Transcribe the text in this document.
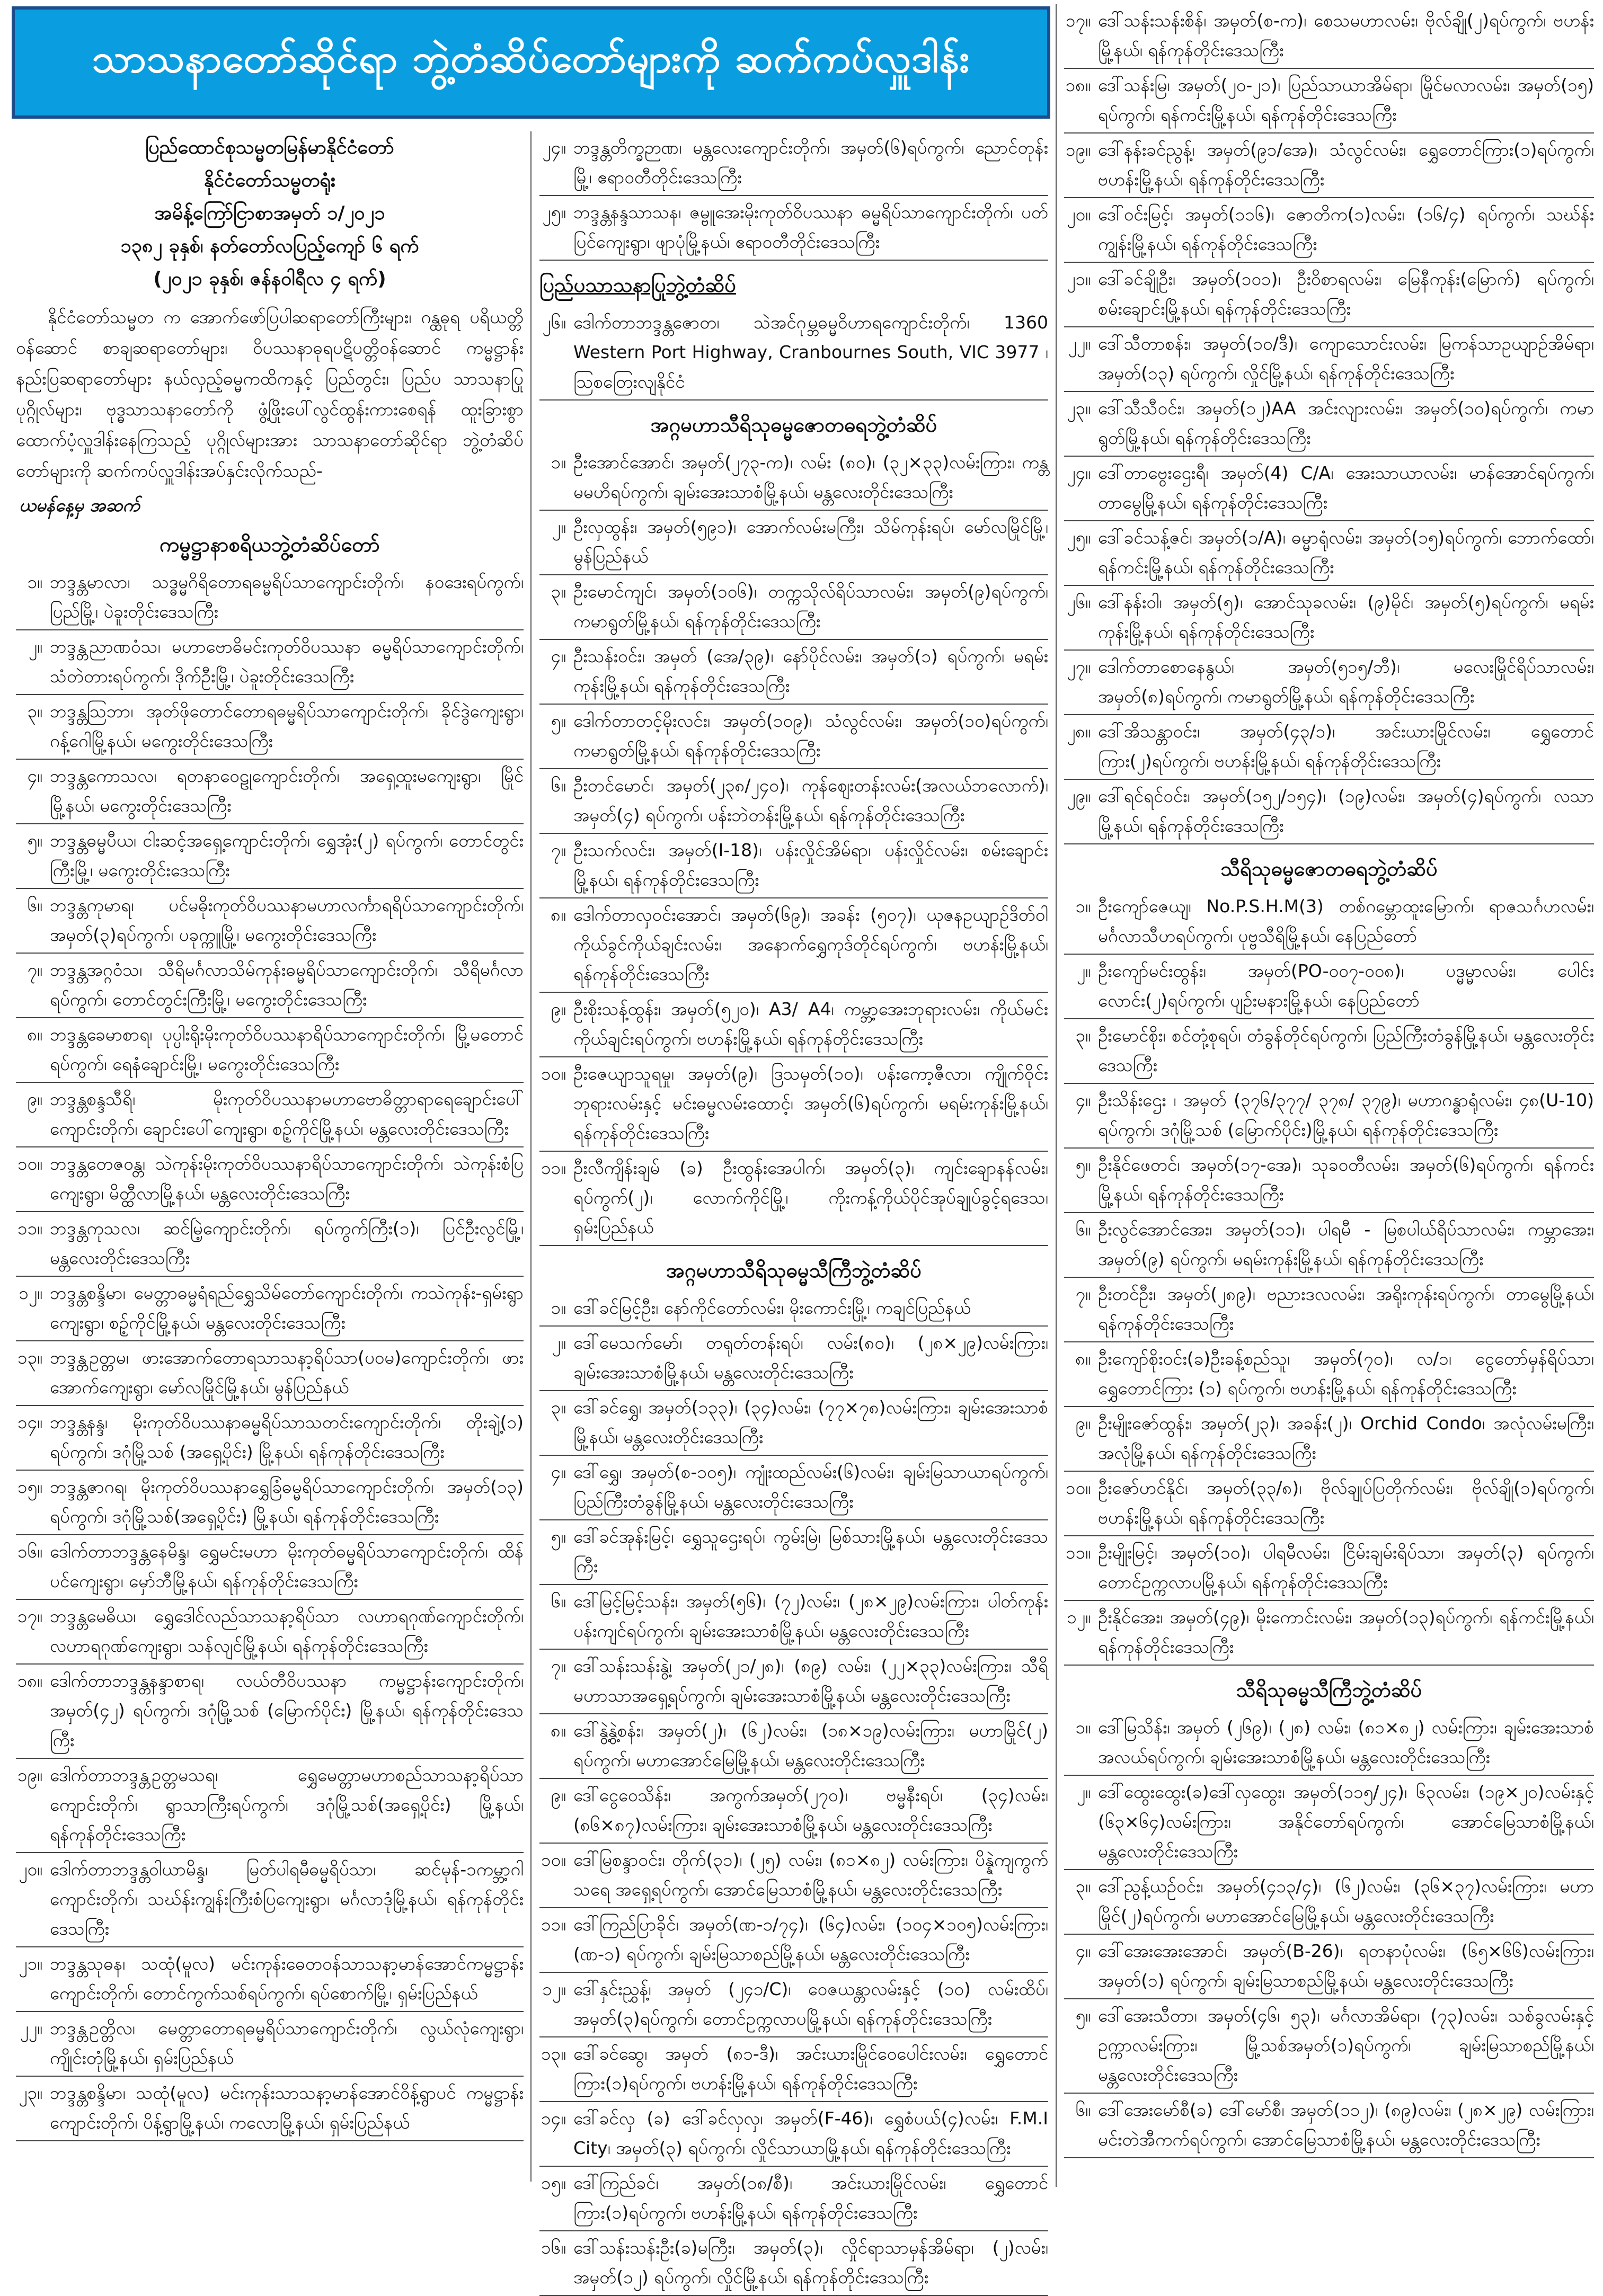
သာသနာတော်ဆိုင်ရာ ဘွဲ့တံဆိပ်တော်များကို ဆက်ကပ်လှူဒါန်း
ပြည်ထောင်စုသမ္မတမြန်မာနိုင်ငံတော်
နိုင်ငံတော်သမ္မတရုံး
အမိန့်ကြော်ငြာစာအမှတ် ၁/၂၀၂၁
၁၃၈၂ ခုနှစ်၊ နတ်တော်လပြည့်ကျော် ၆ ရက်
(၂၀၂၁ ခုနှစ်၊ ဇန်နဝါရီလ ၄ ရက်)

နိုင်ငံတော်သမ္မတ က အောက်ဖော်ပြပါဆရာတော်ကြီးများ၊ ဂန္ထဓုရ ပရိယတ္တိဝန်ဆောင် စာချဆရာတော်များ၊ ဝိပဿနာဓုရပဋိပတ္တိဝန်ဆောင် ကမ္မဋ္ဌာန်းနည်းပြဆရာတော်များ နယ်လှည့်ဓမ္မကထိကနှင့် ပြည်တွင်း၊ ပြည်ပ သာသနာပြုပုဂ္ဂိုလ်များ၊ ဗုဒ္ဓသာသနာတော်ကို ဖွံ့ဖြိုးပေါ်လွင်ထွန်းကားစေရန် ထူးခြားစွာ ထောက်ပံ့လှူဒါန်းနေကြသည့် ပုဂ္ဂိုလ်များအား သာသနာတော်ဆိုင်ရာ ဘွဲ့တံဆိပ်တော်များကို ဆက်ကပ်လှူဒါန်းအပ်နှင်းလိုက်သည်-

ယမန်နေ့မှ အဆက်
ကမ္မဋ္ဌာနာစရိယဘွဲ့တံဆိပ်တော်
၁။ ဘဒ္ဒန္တမာလာ၊ သဒ္ဓမ္မဂိရိတောရဓမ္မရိပ်သာကျောင်းတိုက်၊ နဝဒေးရပ်ကွက်၊ ပြည်မြို့၊ ပဲခူးတိုင်းဒေသကြီး
၂။ ဘဒ္ဒန္တညာဏဝံသ၊ မဟာဗောဓိမင်းကုတ်ဝိပဿနာ ဓမ္မရိပ်သာကျောင်းတိုက်၊ သံတဲတားရပ်ကွက်၊ ဒိုက်ဦးမြို့၊ ပဲခူးတိုင်းဒေသကြီး
၃။ ဘဒ္ဒန္တသြဘာ၊ အုတ်ဖိုတောင်တောရဓမ္မရိပ်သာကျောင်းတိုက်၊ ခိုင်ဒွဲကျေးရွာ၊ ဂန့်ဂေါမြို့နယ်၊ မကွေးတိုင်းဒေသကြီး
၄။ ဘဒ္ဒန္တကောသလ၊ ရတနာဝေဠုကျောင်းတိုက်၊ အရှေ့ထူးမကျေးရွာ၊ မြိုင်မြို့နယ်၊ မကွေးတိုင်းဒေသကြီး
၅။ ဘဒ္ဒန္တဓမ္မပီယ၊ ငါးဆင့်အရှေ့ကျောင်းတိုက်၊ ရွှေအုံး(၂) ရပ်ကွက်၊ တောင်တွင်းကြီးမြို့၊ မကွေးတိုင်းဒေသကြီး
၆။ ဘဒ္ဒန္တကုမာရ၊ ပင်မဓိုးကုတ်ဝိပဿနာမဟာလင်္ကာရရိပ်သာကျောင်းတိုက်၊ အမှတ်(၃)ရပ်ကွက်၊ ပခုက္ကူမြို့၊ မကွေးတိုင်းဒေသကြီး
၇။ ဘဒ္ဒန္တအဂ္ဂဝံသ၊ သီရိမင်္ဂလာသိမ်ကုန်းဓမ္မရိပ်သာကျောင်းတိုက်၊ သီရိမင်္ဂလာရပ်ကွက်၊ တောင်တွင်းကြီးမြို့၊ မကွေးတိုင်းဒေသကြီး
၈။ ဘဒ္ဒန္တခေမာစာရ၊ ပုပ္ပါးရိုးမိုးကုတ်ဝိပဿနာရိပ်သာကျောင်းတိုက်၊ မြို့မတောင်ရပ်ကွက်၊ ရေနံချောင်းမြို့၊ မကွေးတိုင်းဒေသကြီး
၉။ ဘဒ္ဒန္တစန္ဒသီရိ၊ မိုးကုတ်ဝိပဿနာမဟာဗောဓိတ္တာရာရေချောင်းပေါ်ကျောင်းတိုက်၊ ချောင်းပေါ်ကျေးရွာ၊ စဉ့်ကိုင်မြို့နယ်၊ မန္တလေးတိုင်းဒေသကြီး
၁၀။ ဘဒ္ဒန္တတေဇဝန္တ၊ သဲကုန်းမိုးကုတ်ဝိပဿနာရိပ်သာကျောင်းတိုက်၊ သဲကုန်းစံပြကျေးရွာ၊ မိတ္ထီလာမြို့နယ်၊ မန္တလေးတိုင်းဒေသကြီး
၁၁။ ဘဒ္ဒန္တကုသလ၊ ဆင်မြဲ့ကျောင်းတိုက်၊ ရပ်ကွက်ကြီး(၁)၊ ပြင်ဦးလွင်မြို့၊ မန္တလေးတိုင်းဒေသကြီး
၁၂။ ဘဒ္ဒန္တစန္ဒိမာ၊ မေတ္တာဓမ္မရံရည်ရွှေသိမ်တော်ကျောင်းတိုက်၊ ကသဲကုန်း-ရှမ်းရွာကျေးရွာ၊ စဉ့်ကိုင်မြို့နယ်၊ မန္တလေးတိုင်းဒေသကြီး
၁၃။ ဘဒ္ဒန္တဥတ္တမ၊ ဖားအောက်တောရသာသနာ့ရိပ်သာ(ပဝမ)ကျောင်းတိုက်၊ ဖားအောက်ကျေးရွာ၊ မော်လမြိုင်မြို့နယ်၊ မွန်ပြည်နယ်
၁၄။ ဘဒ္ဒန္တနန္ဒ၊ မိုးကုတ်ဝိပဿနာဓမ္မရိပ်သာသတင်းကျောင်းတိုက်၊ တိုးချဲ့(၁) ရပ်ကွက်၊ ဒဂုံမြို့သစ် (အရှေ့ပိုင်း) မြို့နယ်၊ ရန်ကုန်တိုင်းဒေသကြီး
၁၅။ ဘဒ္ဒန္တဇာဂရ၊ မိုးကုတ်ဝိပဿနာရွှေခြံဓမ္မရိပ်သာကျောင်းတိုက်၊ အမှတ်(၁၃) ရပ်ကွက်၊ ဒဂုံမြို့သစ်(အရှေ့ပိုင်း) မြို့နယ်၊ ရန်ကုန်တိုင်းဒေသကြီး
၁၆။ ဒေါက်တာဘဒ္ဒန္တနေမိန္ဒ၊ ရွှေမင်းမဟာ မိုးကုတ်ဓမ္မရိပ်သာကျောင်းတိုက်၊ ထိန်ပင်ကျေးရွာ၊ မှော်ဘီမြို့နယ်၊ ရန်ကုန်တိုင်းဒေသကြီး
၁၇။ ဘဒ္ဒန္တမေဓိယ၊ ရွှေဒေါင်လည်သာသနာ့ရိပ်သာ လဟာရဂုဏ်ကျောင်းတိုက်၊ လဟာရဂုဏ်ကျေးရွာ၊ သန်လျင်မြို့နယ်၊ ရန်ကုန်တိုင်းဒေသကြီး
၁၈။ ဒေါက်တာဘဒ္ဒန္တနန္ဒာစာရ၊ လယ်တီဝိပဿနာ ကမ္မဋ္ဌာန်းကျောင်းတိုက်၊ အမှတ်(၄၂) ရပ်ကွက်၊ ဒဂုံမြို့သစ် (မြောက်ပိုင်း) မြို့နယ်၊ ရန်ကုန်တိုင်းဒေသကြီး
၁၉။ ဒေါက်တာဘဒ္ဒန္တဥတ္တမသရ၊ ရွှေမေတ္တာမဟာစည်သာသနာ့ရိပ်သာကျောင်းတိုက်၊ ရွာသာကြီးရပ်ကွက်၊ ဒဂုံမြို့သစ်(အရှေ့ပိုင်း) မြို့နယ်၊ ရန်ကုန်တိုင်းဒေသကြီး
၂၀။ ဒေါက်တာဘဒ္ဒန္တဝါယာမိန္ဒ၊ မြတ်ပါရမီဓမ္မရိပ်သာ၊ ဆင်မုန်-၁ကမ္ဘာ့ဂါ ကျောင်းတိုက်၊ သဃ်န်းကျွန်းကြီးစံပြကျေးရွာ၊ မင်္ဂလာဒုံမြို့နယ်၊ ရန်ကုန်တိုင်းဒေသကြီး
၂၁။ ဘဒ္ဒန္တသုဓန၊ သထုံ(မူလ) မင်းကုန်းဓေတဝန်သာသနာ့မာန်အောင်ကမ္မဋ္ဌာန်းကျောင်းတိုက်၊ တောင်ကွက်သစ်ရပ်ကွက်၊ ရပ်စောက်မြို့၊ ရှမ်းပြည်နယ်
၂၂။ ဘဒ္ဒန္တဥတ္တိလ၊ မေတ္တာတောရဓမ္မရိပ်သာကျောင်းတိုက်၊ လွယ်လုံကျေးရွာ၊ ကျိုင်းတုံမြို့နယ်၊ ရှမ်းပြည်နယ်
၂၃။ ဘဒ္ဒန္တစန္ဒိမာ၊ သထုံ(မူလ) မင်းကုန်းသာသနာ့မာန်အောင်ဝိန့်ရွာပင် ကမ္မဋ္ဌာန်းကျောင်းတိုက်၊ ပိန့်ရွာမြို့နယ်၊ ကလောမြို့နယ်၊ ရှမ်းပြည်နယ်
၂၄။ ဘဒ္ဒန္တတိက္ခဉာဏ၊ မန္တလေးကျောင်းတိုက်၊ အမှတ်(၆)ရပ်ကွက်၊ ညောင်တုန်းမြို့၊ ဧရာဝတီတိုင်းဒေသကြီး
၂၅။ ဘဒ္ဒန္တနန္ဒသာသန၊ ဇမ္ဗူအေးမိုးကုတ်ဝိပဿနာ ဓမ္မရိပ်သာကျောင်းတိုက်၊ ပတ်ပြင်ကျေးရွာ၊ ဖျာပုံမြို့နယ်၊ ဧရာဝတီတိုင်းဒေသကြီး
ပြည်ပသာသနာပြုဘွဲ့တံဆိပ်
၂၆။ ဒေါက်တာဘဒ္ဒန္တဇောတ၊ သဲအင်ဂုမ္ဘဓမ္မဝိဟာရကျောင်းတိုက်၊ 1360 Western Port Highway, Cranbournes South, VIC 3977 ၊ ဩစတြေးလျနိုင်ငံ
အဂ္ဂမဟာသီရိသုဓမ္မဇောတဓရဘွဲ့တံဆိပ်
၁။ ဦးအောင်အောင်၊ အမှတ်(၂၇၃-က)၊ လမ်း (၈၀)၊ (၃၂×၃၃)လမ်းကြား၊ ကန္တမမဟိရပ်ကွက်၊ ချမ်းအေးသာစံမြို့နယ်၊ မန္တလေးတိုင်းဒေသကြီး
၂။ ဦးလှထွန်း၊ အမှတ်(၅၉၁)၊ အောက်လမ်းမကြီး၊ သိမ်ကုန်းရပ်၊ မော်လမြိုင်မြို့၊ မွန်ပြည်နယ်
၃။ ဦးမောင်ကျင်၊ အမှတ်(၁၀၆)၊ တက္ကသိုလ်ရိပ်သာလမ်း၊ အမှတ်(၉)ရပ်ကွက်၊ ကမာရွတ်မြို့နယ်၊ ရန်ကုန်တိုင်းဒေသကြီး
၄။ ဦးသန်းဝင်း၊ အမှတ် (အေ/၃၉)၊ နော်ပိုင်လမ်း၊ အမှတ်(၁) ရပ်ကွက်၊ မရမ်းကုန်းမြို့နယ်၊ ရန်ကုန်တိုင်းဒေသကြီး
၅။ ဒေါက်တာတင့်မိုးလင်း၊ အမှတ်(၁၀၉)၊ သံလွင်လမ်း၊ အမှတ်(၁၀)ရပ်ကွက်၊ ကမာရွတ်မြို့နယ်၊ ရန်ကုန်တိုင်းဒေသကြီး
၆။ ဦးတင်မောင်၊ အမှတ်(၂၃၈/၂၄၀)၊ ကုန်ဈေးတန်းလမ်း(အလယ်ဘလောက်)၊ အမှတ်(၄) ရပ်ကွက်၊ ပန်းဘဲတန်းမြို့နယ်၊ ရန်ကုန်တိုင်းဒေသကြီး
၇။ ဦးသက်လင်း၊ အမှတ်(I-18)၊ ပန်းလှိုင်အိမ်ရာ၊ ပန်းလှိုင်လမ်း၊ စမ်းချောင်းမြို့နယ်၊ ရန်ကုန်တိုင်းဒေသကြီး
၈။ ဒေါက်တာလှဝင်းအောင်၊ အမှတ်(၆၉)၊ အခန်း (၅၀၇)၊ ယုဇနဥယျာဉ်ဒိတ်ဝါကိုယ်ခွင်ကိုယ်ချင်းလမ်း၊ အနောက်ရွှေကုဒ်တိုင်ရပ်ကွက်၊ ဗဟန်းမြို့နယ်၊ ရန်ကုန်တိုင်းဒေသကြီး
၉။ ဦးစိုးသန့်ထွန်း၊ အမှတ်(၅၂၀)၊ A3/ A4၊ ကမ္ဘာ့အေးဘုရားလမ်း၊ ကိုယ်မင်းကိုယ်ချင်းရပ်ကွက်၊ ဗဟန်းမြို့နယ်၊ ရန်ကုန်တိုင်းဒေသကြီး
၁၀။ ဦးဇေယျာသူရမှု၊ အမှတ်(၉)၊ ဒြသမှတ်(၁၀)၊ ပန်းကော့ဇီလာ၊ ကျိုက်ဝိုင်းဘုရားလမ်းနှင့် မင်းဓမ္မလမ်းထောင့်၊ အမှတ်(၆)ရပ်ကွက်၊ မရမ်းကုန်းမြို့နယ်၊ ရန်ကုန်တိုင်းဒေသကြီး
၁၁။ ဦးလီကျိန်းချမ် (ခ) ဦးထွန်းအေပါက်၊ အမှတ်(၃)၊ ကျင်းချောနန်လမ်း၊ ရပ်ကွက်(၂)၊ လောက်ကိုင်မြို့၊ ကိုးကန့်ကိုယ်ပိုင်အုပ်ချုပ်ခွင့်ရဒေသ၊ ရှမ်းပြည်နယ်
အဂ္ဂမဟာသီရိသုဓမ္မသီကြီဘွဲ့တံဆိပ်
၁။ ဒေါ်ခင်မြင့်ဦး၊ နော်ကိုင်တော်လမ်း၊ မိုးကောင်းမြို့၊ ကချင်ပြည်နယ်
၂။ ဒေါ်မေသက်မော်၊ တရုတ်တန်းရပ်၊ လမ်း(၈၀)၊ (၂၈×၂၉)လမ်းကြား၊ ချမ်းအေးသာစံမြို့နယ်၊ မန္တလေးတိုင်းဒေသကြီး
၃။ ဒေါ်ခင်ရွှေ၊ အမှတ်(၁၃၃)၊ (၃၄)လမ်း၊ (၇၇×၇၈)လမ်းကြား၊ ချမ်းအေးသာစံမြို့နယ်၊ မန္တလေးတိုင်းဒေသကြီး
၄။ ဒေါ်ရွှေ၊ အမှတ်(စ-၁၀၅)၊ ကျုံးထည်လမ်း(၆)လမ်း၊ ချမ်းမြသာယာရပ်ကွက်၊ ပြည်ကြီးတံခွန်မြို့နယ်၊ မန္တလေးတိုင်းဒေသကြီး
၅။ ဒေါ်ခင်အုန်းမြင့်၊ ရွှေသူဌေးရပ်၊ ကွမ်းမြဲ၊ မြစ်သားမြို့နယ်၊ မန္တလေးတိုင်းဒေသကြီး
၆။ ဒေါ်မြင့်မြင့်သန်း၊ အမှတ်(၅၆)၊ (၇၂)လမ်း၊ (၂၈×၂၉)လမ်းကြား၊ ပါတ်ကုန်းပန်းကျင်ရပ်ကွက်၊ ချမ်းအေးသာစံမြို့နယ်၊ မန္တလေးတိုင်းဒေသကြီး
၇။ ဒေါ်သန်းသန်းနွဲ့၊ အမှတ်(၂၁/၂၈)၊ (၈၉) လမ်း၊ (၂၂×၃၃)လမ်းကြား၊ သီရိမဟာသာအရှေ့ရပ်ကွက်၊ ချမ်းအေးသာစံမြို့နယ်၊ မန္တလေးတိုင်းဒေသကြီး
၈။ ဒေါ်နွဲ့နွဲ့စန်း၊ အမှတ်(၂)၊ (၆၂)လမ်း၊ (၁၈×၁၉)လမ်းကြား၊ မဟာမြိုင်(၂) ရပ်ကွက်၊ မဟာအောင်မြေမြို့နယ်၊ မန္တလေးတိုင်းဒေသကြီး
၉။ ဒေါ်ငွေဝေသိန်း၊ အကွက်အမှတ်(၂၇၀)၊ ဗမ္မနီးရပ်၊ (၃၄)လမ်း၊ (၈၆×၈၇)လမ်းကြား၊ ချမ်းအေးသာစံမြို့နယ်၊ မန္တလေးတိုင်းဒေသကြီး
၁၀။ ဒေါ်မြစန္ဒာဝင်း၊ တိုက်(၃၁)၊ (၂၅) လမ်း၊ (၈၁×၈၂) လမ်းကြား၊ ပိန္နဲကျကွက်သရေ အရှေ့ရပ်ကွက်၊ အောင်မြေသာစံမြို့နယ်၊ မန္တလေးတိုင်းဒေသကြီး
၁၁။ ဒေါ်ကြည်ပြာခိုင်၊ အမှတ်(ဏ-၁/၇၄)၊ (၆၄)လမ်း၊ (၁၀၄×၁၀၅)လမ်းကြား၊ (ဏ-၁) ရပ်ကွက်၊ ချမ်းမြသာစည်မြို့နယ်၊ မန္တလေးတိုင်းဒေသကြီး
၁၂။ ဒေါ်နှင်းညွှန့်၊ အမှတ် (၂၄၁/C)၊ ဝေဇယန္တာလမ်းနှင့် (၁၀) လမ်းထိပ်၊ အမှတ်(၃)ရပ်ကွက်၊ တောင်ဥက္ကလာပမြို့နယ်၊ ရန်ကုန်တိုင်းဒေသကြီး
၁၃။ ဒေါ်ခင်ဆွေ၊ အမှတ် (၈၁-ဒီ)၊ အင်းယားမြိုင်ဝေပေါင်းလမ်း၊ ရွှေတောင်ကြား(၁)ရပ်ကွက်၊ ဗဟန်းမြို့နယ်၊ ရန်ကုန်တိုင်းဒေသကြီး
၁၄။ ဒေါ်ခင်လှ (ခ) ဒေါ်ခင်လှလှ၊ အမှတ်(F-46)၊ ရွှေစံပယ်(၄)လမ်း၊ F.M.I City၊ အမှတ်(၃) ရပ်ကွက်၊ လှိုင်သာယာမြို့နယ်၊ ရန်ကုန်တိုင်းဒေသကြီး
၁၅။ ဒေါ်ကြည်ခင်၊ အမှတ်(၁၈/စီ)၊ အင်းယားမြိုင်လမ်း၊ ရွှေတောင်ကြား(၁)ရပ်ကွက်၊ ဗဟန်းမြို့နယ်၊ ရန်ကုန်တိုင်းဒေသကြီး
၁၆။ ဒေါ်သန်းသန်းဦး(ခ)မကြီး၊ အမှတ်(၃)၊ လှိုင်ရာသာမှန်အိမ်ရာ၊ (၂)လမ်း၊ အမှတ်(၁၂) ရပ်ကွက်၊ လှိုင်မြို့နယ်၊ ရန်ကုန်တိုင်းဒေသကြီး
၁၇။ ဒေါ်သန်းသန်းစိန်၊ အမှတ်(စ-က)၊ စေသမဟာလမ်း၊ ဗိုလ်ချို(၂)ရပ်ကွက်၊ ဗဟန်းမြို့နယ်၊ ရန်ကုန်တိုင်းဒေသကြီး
၁၈။ ဒေါ်သန်းမြ၊ အမှတ်(၂၀-၂၁)၊ ပြည်သာယာအိမ်ရာ၊ မြိုင်မလာလမ်း၊ အမှတ်(၁၅) ရပ်ကွက်၊ ရန်ကင်းမြို့နယ်၊ ရန်ကုန်တိုင်းဒေသကြီး
၁၉။ ဒေါ်နန်းခင်ညွန့်၊ အမှတ်(၉၁/အေ)၊ သံလွင်လမ်း၊ ရွှေတောင်ကြား(၁)ရပ်ကွက်၊ ဗဟန်းမြို့နယ်၊ ရန်ကုန်တိုင်းဒေသကြီး
၂၀။ ဒေါ်ဝင်းမြင့်၊ အမှတ်(၁၁၆)၊ ဇောတိက(၁)လမ်း၊ (၁၆/၄) ရပ်ကွက်၊ သဃ်န်းကျွန်းမြို့နယ်၊ ရန်ကုန်တိုင်းဒေသကြီး
၂၁။ ဒေါ်ခင်ချိုဦး၊ အမှတ်(၁၀၁)၊ ဦးဝိစာရလမ်း၊ မြေနီကုန်း(မြောက်) ရပ်ကွက်၊ စမ်းချောင်းမြို့နယ်၊ ရန်ကုန်တိုင်းဒေသကြီး
၂၂။ ဒေါ်သီတာစန်း၊ အမှတ်(၁၀/ဒီ)၊ ကျောသောင်းလမ်း၊ မြကန်သာဥယျာဉ်အိမ်ရာ၊ အမှတ်(၁၃) ရပ်ကွက်၊ လှိုင်မြို့နယ်၊ ရန်ကုန်တိုင်းဒေသကြီး
၂၃။ ဒေါ်သီသီဝင်း၊ အမှတ်(၁၂)AA အင်းလျားလမ်း၊ အမှတ်(၁၀)ရပ်ကွက်၊ ကမာရွတ်မြို့နယ်၊ ရန်ကုန်တိုင်းဒေသကြီး
၂၄။ ဒေါ်တာဗွေးဌေးရီ၊ အမှတ်(4) C/A၊ အေးသာယာလမ်း၊ မာန်အောင်ရပ်ကွက်၊ တာမွေမြို့နယ်၊ ရန်ကုန်တိုင်းဒေသကြီး
၂၅။ ဒေါ်ခင်သန့်ဇင်၊ အမှတ်(၁/A)၊ ဓမ္မာရုံလမ်း၊ အမှတ်(၁၅)ရပ်ကွက်၊ ဘောက်ထော်၊ ရန်ကင်းမြို့နယ်၊ ရန်ကုန်တိုင်းဒေသကြီး
၂၆။ ဒေါ်နန်းဝါ၊ အမှတ်(၅)၊ အောင်သုခလမ်း၊ (၉)မိုင်၊ အမှတ်(၅)ရပ်ကွက်၊ မရမ်းကုန်းမြို့နယ်၊ ရန်ကုန်တိုင်းဒေသကြီး
၂၇။ ဒေါက်တာစောနေနွယ်၊ အမှတ်(၅၁၅/ဘီ)၊ မလေးမြိုင်ရိပ်သာလမ်း၊ အမှတ်(၈)ရပ်ကွက်၊ ကမာရွတ်မြို့နယ်၊ ရန်ကုန်တိုင်းဒေသကြီး
၂၈။ ဒေါ်အိသန္တာဝင်း၊ အမှတ်(၄၃/၁)၊ အင်းယားမြိုင်လမ်း၊ ရွှေတောင်ကြား(၂)ရပ်ကွက်၊ ဗဟန်းမြို့နယ်၊ ရန်ကုန်တိုင်းဒေသကြီး
၂၉။ ဒေါ်ရင်ရင်ဝင်း၊ အမှတ်(၁၅၂/၁၅၄)၊ (၁၉)လမ်း၊ အမှတ်(၄)ရပ်ကွက်၊ လသာမြို့နယ်၊ ရန်ကုန်တိုင်းဒေသကြီး
သီရိသုဓမ္မဇောတဓရဘွဲ့တံဆိပ်
၁။ ဦးကျော်ဇေယျ၊ No.P.S.H.M(3) တစ်ဂမ္ဘောထူးမြောက်၊ ရာဇသင်္ဂဟလမ်း၊ မင်္ဂလာသီဟရပ်ကွက်၊ ပုဗ္ဗသီရိမြို့နယ်၊ နေပြည်တော်
၂။ ဦးကျော်မင်းထွန်း၊ အမှတ်(PO-၀၀၇-၀၀၈)၊ ပဒ္မမ္မာလမ်း၊ ပေါင်းလောင်း(၂)ရပ်ကွက်၊ ပျဉ်းမနားမြို့နယ်၊ နေပြည်တော်
၃။ ဦးမောင်စိုး၊ စင်တုံ့စုရပ်၊ တံခွန်တိုင်ရပ်ကွက်၊ ပြည်ကြီးတံခွန်မြို့နယ်၊ မန္တလေးတိုင်းဒေသကြီး
၄။ ဦးသိန်းဌေး ၊ အမှတ် (၃၇၆/၃၇၇/ ၃၇၈/ ၃၇၉)၊ မဟာဂန္ဓာရုံလမ်း၊ ၄၈(U-10) ရပ်ကွက်၊ ဒဂုံမြို့သစ် (မြောက်ပိုင်း)မြို့နယ်၊ ရန်ကုန်တိုင်းဒေသကြီး
၅။ ဦးနိုင်ဖေတင်၊ အမှတ်(၁၇-အေ)၊ သုခဝတီလမ်း၊ အမှတ်(၆)ရပ်ကွက်၊ ရန်ကင်းမြို့နယ်၊ ရန်ကုန်တိုင်းဒေသကြီး
၆။ ဦးလွင်အောင်အေး၊ အမှတ်(၁၁)၊ ပါရမီ - မြစပါယ်ရိပ်သာလမ်း၊ ကမ္ဘာအေး၊ အမှတ်(၉) ရပ်ကွက်၊ မရမ်းကုန်းမြို့နယ်၊ ရန်ကုန်တိုင်းဒေသကြီး
၇။ ဦးတင်ဦး၊ အမှတ်(၂၈၉)၊ ဗညားဒလလမ်း၊ အရိုးကုန်းရပ်ကွက်၊ တာမွေမြို့နယ်၊ ရန်ကုန်တိုင်းဒေသကြီး
၈။ ဦးကျော်စိုးဝင်း(ခ)ဦးခန့်စည်သူ၊ အမှတ်(၇၀)၊ လ/၁၊ ငွေတော်မှန်ရိပ်သာ၊ ရွှေတောင်ကြား (၁) ရပ်ကွက်၊ ဗဟန်းမြို့နယ်၊ ရန်ကုန်တိုင်းဒေသကြီး
၉။ ဦးမျိုးဇော်ထွန်း၊ အမှတ်(၂၃)၊ အခန်း(၂)၊ Orchid Condo၊ အလုံလမ်းမကြီး၊ အလုံမြို့နယ်၊ ရန်ကုန်တိုင်းဒေသကြီး
၁၀။ ဦးဇော်ဟင်နိုင်၊ အမှတ်(၃၃/၈)၊ ဗိုလ်ချုပ်ပြတိုက်လမ်း၊ ဗိုလ်ချို(၁)ရပ်ကွက်၊ ဗဟန်းမြို့နယ်၊ ရန်ကုန်တိုင်းဒေသကြီး
၁၁။ ဦးမျိုးမြင့်၊ အမှတ်(၁၀)၊ ပါရမီလမ်း၊ ငြိမ်းချမ်းရိပ်သာ၊ အမှတ်(၃) ရပ်ကွက်၊ တောင်ဥက္ကလာပမြို့နယ်၊ ရန်ကုန်တိုင်းဒေသကြီး
၁၂။ ဦးနိုင်အေး၊ အမှတ်(၄၉)၊ မိုးကောင်းလမ်း၊ အမှတ်(၁၃)ရပ်ကွက်၊ ရန်ကင်းမြို့နယ်၊ ရန်ကုန်တိုင်းဒေသကြီး
သီရိသုဓမ္မသီကြီဘွဲ့တံဆိပ်
၁။ ဒေါ်မြသိန်း၊ အမှတ် (၂၆၉)၊ (၂၈) လမ်း၊ (၈၁×၈၂) လမ်းကြား၊ ချမ်းအေးသာစံ အလယ်ရပ်ကွက်၊ ချမ်းအေးသာစံမြို့နယ်၊ မန္တလေးတိုင်းဒေသကြီး
၂။ ဒေါ်ထွေးထွေး(ခ)ဒေါ်လှထွေး၊ အမှတ်(၁၁၅/၂၄)၊ ၆၃လမ်း၊ (၁၉×၂၀)လမ်းနှင့် (၆၃×၆၄)လမ်းကြား၊ အနိုင်တော်ရပ်ကွက်၊ အောင်မြေသာစံမြို့နယ်၊ မန္တလေးတိုင်းဒေသကြီး
၃။ ဒေါ်ညွန့်ယဉ်ဝင်း၊ အမှတ်(၄၁၃/၄)၊ (၆၂)လမ်း၊ (၃၆×၃၇)လမ်းကြား၊ မဟာမြိုင်(၂)ရပ်ကွက်၊ မဟာအောင်မြေမြို့နယ်၊ မန္တလေးတိုင်းဒေသကြီး
၄။ ဒေါ်အေးအေးအောင်၊ အမှတ်(B-26)၊ ရတနာပုံလမ်း၊ (၆၅×၆၆)လမ်းကြား၊ အမှတ်(၁) ရပ်ကွက်၊ ချမ်းမြသာစည်မြို့နယ်၊ မန္တလေးတိုင်းဒေသကြီး
၅။ ဒေါ်အေးသီတာ၊ အမှတ်(၄၆၊ ၅၃)၊ မင်္ဂလာအိမ်ရာ၊ (၇၃)လမ်း၊ သစ်ခွလမ်းနှင့်ဥက္ကာလမ်းကြား၊ မြို့သစ်အမှတ်(၁)ရပ်ကွက်၊ ချမ်းမြသာစည်မြို့နယ်၊ မန္တလေးတိုင်းဒေသကြီး
၆။ ဒေါ်အေးမော်စီ(ခ) ဒေါ်မော်စီ၊ အမှတ်(၁၁၂)၊ (၈၉)လမ်း၊ (၂၈×၂၉) လမ်းကြား၊ မင်းတဲအီကက်ရပ်ကွက်၊ အောင်မြေသာစံမြို့နယ်၊ မန္တလေးတိုင်းဒေသကြီး
